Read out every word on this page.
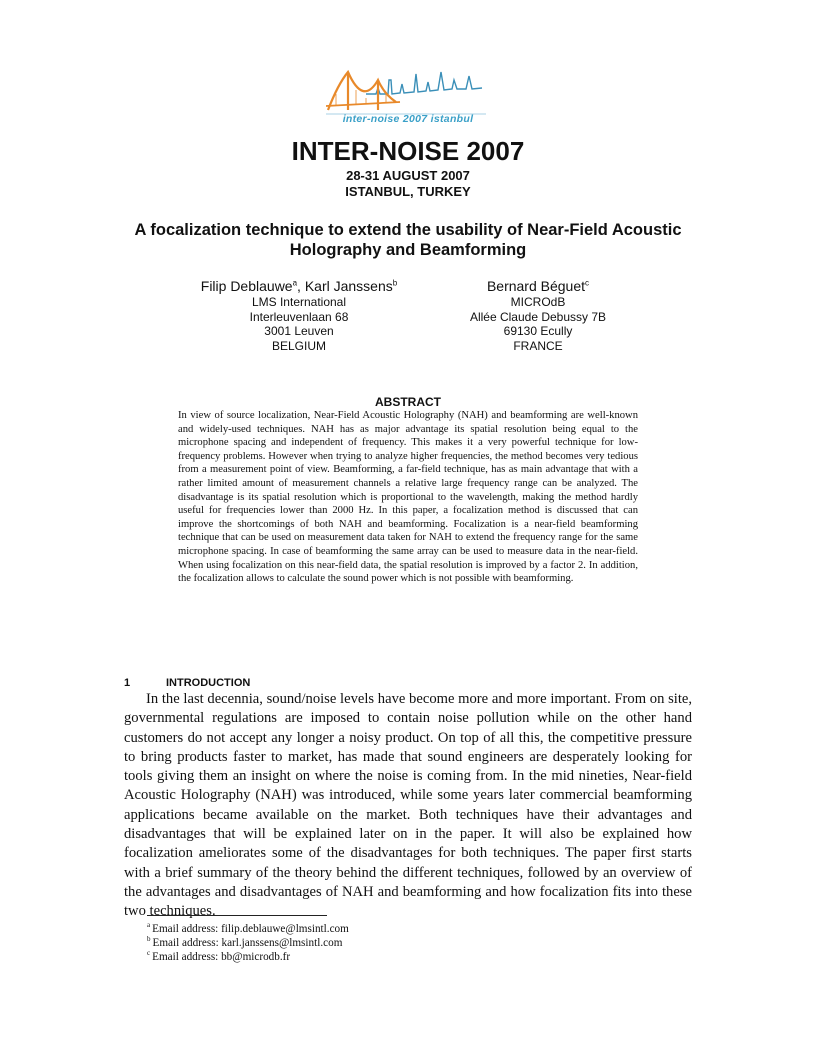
inter-noise 2007 istanbul
INTER-NOISE 2007
28-31 AUGUST 2007
ISTANBUL, TURKEY
A focalization technique to extend the usability of Near-Field Acoustic Holography and Beamforming
Filip Deblauwe$^a$, Karl Janssens$^b$
LMS International
Interleuvenlaan 68
3001 Leuven
BELGIUM
Bernard Béguet$^c$
MICROdB
Allée Claude Debussy 7B
69130 Ecully
FRANCE
ABSTRACT
In view of source localization, Near-Field Acoustic Holography (NAH) and beamforming are well-known and widely-used techniques. NAH has as major advantage its spatial resolution being equal to the microphone spacing and independent of frequency. This makes it a very powerful technique for low-frequency problems. However when trying to analyze higher frequencies, the method becomes very tedious from a measurement point of view. Beamforming, a far-field technique, has as main advantage that with a rather limited amount of measurement channels a relative large frequency range can be analyzed. The disadvantage is its spatial resolution which is proportional to the wavelength, making the method hardly useful for frequencies lower than 2000 Hz. In this paper, a focalization method is discussed that can improve the shortcomings of both NAH and beamforming. Focalization is a near-field beamforming technique that can be used on measurement data taken for NAH to extend the frequency range for the same microphone spacing. In case of beamforming the same array can be used to measure data in the near-field. When using focalization on this near-field data, the spatial resolution is improved by a factor 2. In addition, the focalization allows to calculate the sound power which is not possible with beamforming.
1	INTRODUCTION
In the last decennia, sound/noise levels have become more and more important. From on site, governmental regulations are imposed to contain noise pollution while on the other hand customers do not accept any longer a noisy product. On top of all this, the competitive pressure to bring products faster to market, has made that sound engineers are desperately looking for tools giving them an insight on where the noise is coming from. In the mid nineties, Near-field Acoustic Holography (NAH) was introduced, while some years later commercial beamforming applications became available on the market. Both techniques have their advantages and disadvantages that will be explained later on in the paper. It will also be explained how focalization ameliorates some of the disadvantages for both techniques. The paper first starts with a brief summary of the theory behind the different techniques, followed by an overview of the advantages and disadvantages of NAH and beamforming and how focalization fits into these two techniques.
$^a$ Email address: filip.deblauwe@lmsintl.com
$^b$ Email address: karl.janssens@lmsintl.com
$^c$ Email address: bb@microdb.fr
